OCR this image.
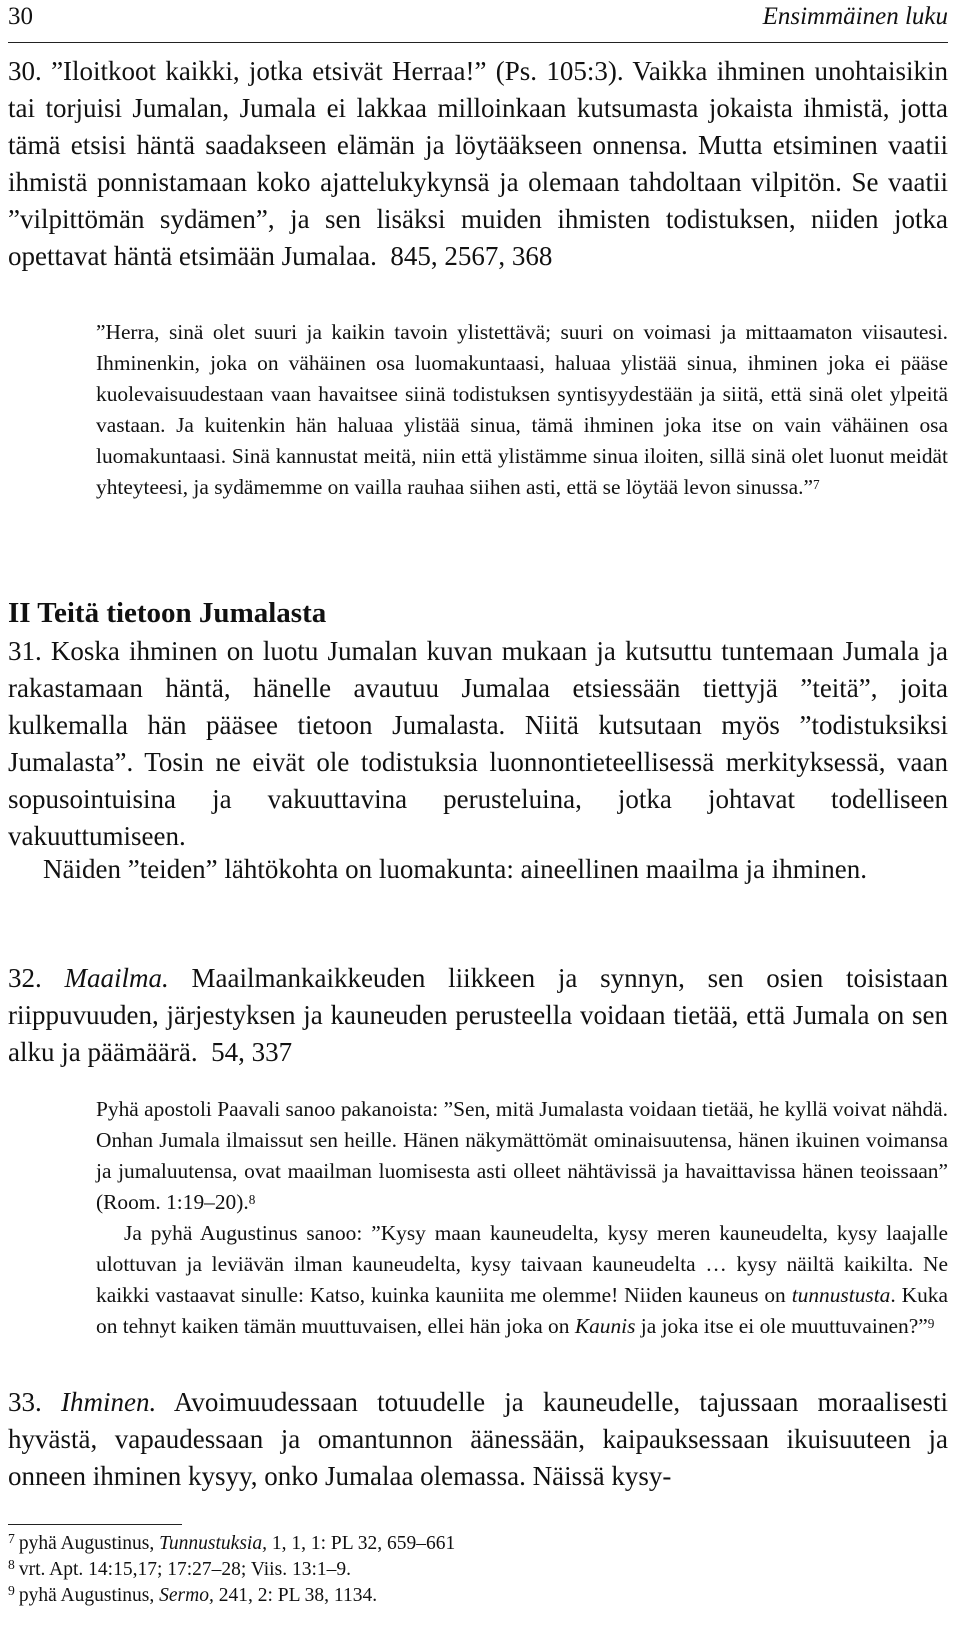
30	Ensimmäinen luku

30. ”Iloitkoot kaikki, jotka etsivät Herraa!” (Ps. 105:3). Vaikka ihminen unohtaisikin tai torjuisi Jumalan, Jumala ei lakkaa milloinkaan kutsumasta jokaista ihmistä, jotta tämä etsisi häntä saadakseen elämän ja löytääkseen onnensa. Mutta etsiminen vaatii ihmistä ponnistamaan koko ajattelukykynsä ja olemaan tahdoltaan vilpitön. Se vaatii ”vilpittömän sydämen”, ja sen lisäksi muiden ihmisten todistuksen, niiden jotka opettavat häntä etsimään Jumalaa. 845, 2567, 368

”Herra, sinä olet suuri ja kaikin tavoin ylistettävä; suuri on voimasi ja mittaamaton viisautesi. Ihminenkin, joka on vähäinen osa luomakuntaasi, haluaa ylistää sinua, ihminen joka ei pääse kuolevaisuudestaan vaan havaitsee siinä todistuksen syntisyydestään ja siitä, että sinä olet ylpeitä vastaan. Ja kuitenkin hän haluaa ylistää sinua, tämä ihminen joka itse on vain vähäinen osa luomakuntaasi. Sinä kannustat meitä, niin että ylistämme sinua iloiten, sillä sinä olet luonut meidät yhteyteesi, ja sydämemme on vailla rauhaa siihen asti, että se löytää levon sinussa.”$^7$

II Teitä tietoon Jumalasta

31. Koska ihminen on luotu Jumalan kuvan mukaan ja kutsuttu tuntemaan Jumala ja rakastamaan häntä, hänelle avautuu Jumalaa etsiessään tiettyjä ”teitä”, joita kulkemalla hän pääsee tietoon Jumalasta. Niitä kutsutaan myös ”todistuksiksi Jumalasta”. Tosin ne eivät ole todistuksia luonnontieteellisessä merkityksessä, vaan sopusointuisina ja vakuuttavina perusteluina, jotka johtavat todelliseen vakuuttumiseen.

Näiden ”teiden” lähtökohta on luomakunta: aineellinen maailma ja ihminen.

32. Maailma. Maailmankaikkeuden liikkeen ja synnyn, sen osien toisistaan riippuvuuden, järjestyksen ja kauneuden perusteella voidaan tietää, että Jumala on sen alku ja päämäärä. 54, 337

Pyhä apostoli Paavali sanoo pakanoista: ”Sen, mitä Jumalasta voidaan tietää, he kyllä voivat nähdä. Onhan Jumala ilmaissut sen heille. Hänen näkymättömät ominaisuutensa, hänen ikuinen voimansa ja jumaluutensa, ovat maailman luomisesta asti olleet nähtävissä ja havaittavissa hänen teoissaan” (Room. 1:19–20).$^8$

Ja pyhä Augustinus sanoo: ”Kysy maan kauneudelta, kysy meren kauneudelta, kysy laajalle ulottuvan ja leviävän ilman kauneudelta, kysy taivaan kauneudelta … kysy näiltä kaikilta. Ne kaikki vastaavat sinulle: Katso, kuinka kauniita me olemme! Niiden kauneus on tunnustusta. Kuka on tehnyt kaiken tämän muuttuvaisen, ellei hän joka on Kaunis ja joka itse ei ole muuttuvainen?”$^9$

33. Ihminen. Avoimuudessaan totuudelle ja kauneudelle, tajussaan moraalisesti hyvästä, vapaudessaan ja omantunnon äänessään, kaipauksessaan ikuisuuteen ja onneen ihminen kysyy, onko Jumalaa olemassa. Näissä kysy-

$^7$ pyhä Augustinus, Tunnustuksia, 1, 1, 1: PL 32, 659–661
$^8$ vrt. Apt. 14:15,17; 17:27–28; Viis. 13:1–9.
$^9$ pyhä Augustinus, Sermo, 241, 2: PL 38, 1134.
